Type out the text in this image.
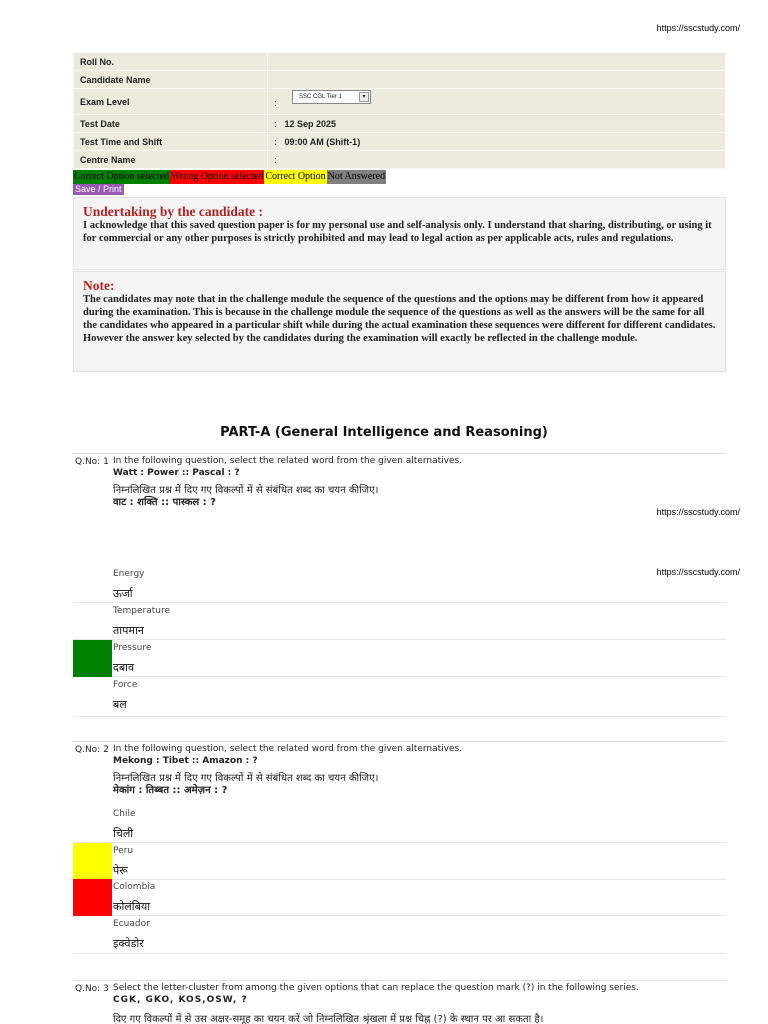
https://sscstudy.com/
Roll No.	
Candidate Name	
Exam Level	:      SSC CGL Tier 1 ▾

Test Date	: 12 Sep 2025
Test Time and Shift	: 09:00 AM (Shift-1)
Centre Name	:
Correct Option selected Wrong Option selected Correct Option Not Answered
Save / Print
Undertaking by the candidate :

I acknowledge that this saved question paper is for my personal use and self-analysis only. I understand that sharing, distributing, or using it for commercial or any other purposes is strictly prohibited and may lead to legal action as per applicable acts, rules and regulations.

Note:

The candidates may note that in the challenge module the sequence of the questions and the options may be different from how it appeared during the examination. This is because in the challenge module the sequence of the questions as well as the answers will be the same for all the candidates who appeared in a particular shift while during the actual examination these sequences were different for different candidates. However the answer key selected by the candidates during the examination will exactly be reflected in the challenge module.

PART-A (General Intelligence and Reasoning)
Q.No: 1 In the following question, select the related word from the given alternatives.
Watt : Power :: Pascal : ?
निम्नलिखित प्रश्न में दिए गए विकल्पों में से संबंधित शब्द का चयन कीजिए।
वाट : शक्ति :: पास्कल : ?
https://sscstudy.com/
https://sscstudy.com/
Energy
ऊर्जा
Temperature
तापमान
Pressure
दबाव
Force
बल
Q.No: 2 In the following question, select the related word from the given alternatives.
Mekong : Tibet :: Amazon : ?
निम्नलिखित प्रश्न में दिए गए विकल्पों में से संबंधित शब्द का चयन कीजिए।
मेकांग : तिब्बत :: अमेज़न : ?
Chile
चिली
Peru
पेरू
Colombia
कोलंबिया
Ecuador
इक्वेडोर
Q.No: 3 Select the letter-cluster from among the given options that can replace the question mark (?) in the following series.
CGK, GKO, KOS,OSW, ?
दिए गए विकल्पों में से उस अक्षर-समूह का चयन करें जो निम्नलिखित श्रृंखला में प्रश्न चिह्न (?) के स्थान पर आ सकता है।
